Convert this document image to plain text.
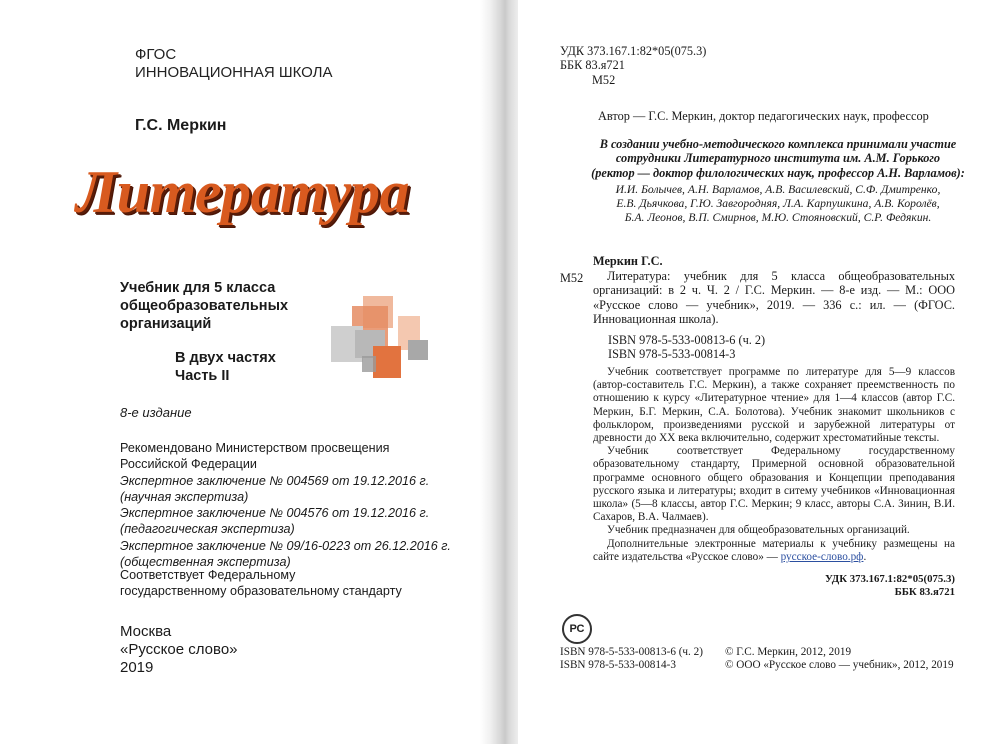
ФГОС
ИННОВАЦИОННАЯ ШКОЛА
Г.С. Меркин
Литература
Учебник для 5 класса
общеобразовательных
организаций
В двух частях
Часть II
8-е издание
Рекомендовано Министерством просвещения
Российской Федерации
Экспертное заключение № 004569 от 19.12.2016 г.
(научная экспертиза)
Экспертное заключение № 004576 от 19.12.2016 г.
(педагогическая экспертиза)
Экспертное заключение № 09/16-0223 от 26.12.2016 г.
(общественная экспертиза)
Соответствует Федеральному
государственному образовательному стандарту
Москва
«Русское слово»
2019
УДК 373.167.1:82*05(075.3)
ББК 83.я721
М52
Автор — Г.С. Меркин, доктор педагогических наук, профессор
В создании учебно-методического комплекса принимали участие
сотрудники Литературного института им. А.М. Горького
(ректор — доктор филологических наук, профессор А.Н. Варламов):
И.И. Болычев, А.Н. Варламов, А.В. Василевский, С.Ф. Дмитренко,
Е.В. Дьячкова, Г.Ю. Завгородняя, Л.А. Карпушкина, А.В. Королёв,
Б.А. Леонов, В.П. Смирнов, М.Ю. Стояновский, С.Р. Федякин.
Меркин Г.С.
М52	Литература: учебник для 5 класса общеобразовательных организаций: в 2 ч. Ч. 2 / Г.С. Меркин. — 8-е изд. — М.: ООО «Русское слово — учебник», 2019. — 336 с.: ил. — (ФГОС. Инновационная школа).
ISBN 978-5-533-00813-6 (ч. 2)
ISBN 978-5-533-00814-3
Учебник соответствует программе по литературе для 5—9 классов (автор-составитель Г.С. Меркин), а также сохраняет преемственность по отношению к курсу «Литературное чтение» для 1—4 классов (автор Г.С. Меркин, Б.Г. Меркин, С.А. Болотова). Учебник знакомит школьников с фольклором, произведениями русской и зарубежной литературы от древности до XX века включительно, содержит хрестоматийные тексты.
Учебник соответствует Федеральному государственному образовательному стандарту, Примерной основной образовательной программе основного общего образования и Концепции преподавания русского языка и литературы; входит в ситему учебников «Инновационная школа» (5—8 классы, автор Г.С. Меркин; 9 класс, авторы С.А. Зинин, В.И. Сахаров, В.А. Чалмаев).
Учебник предназначен для общеобразовательных организаций.
Дополнительные электронные материалы к учебнику размещены на сайте издательства «Русское слово» — русское-слово.рф.
УДК 373.167.1:82*05(075.3)
ББК 83.я721
РС
ISBN 978-5-533-00813-6 (ч. 2)
ISBN 978-5-533-00814-3
© Г.С. Меркин, 2012, 2019
© ООО «Русское слово — учебник», 2012, 2019
